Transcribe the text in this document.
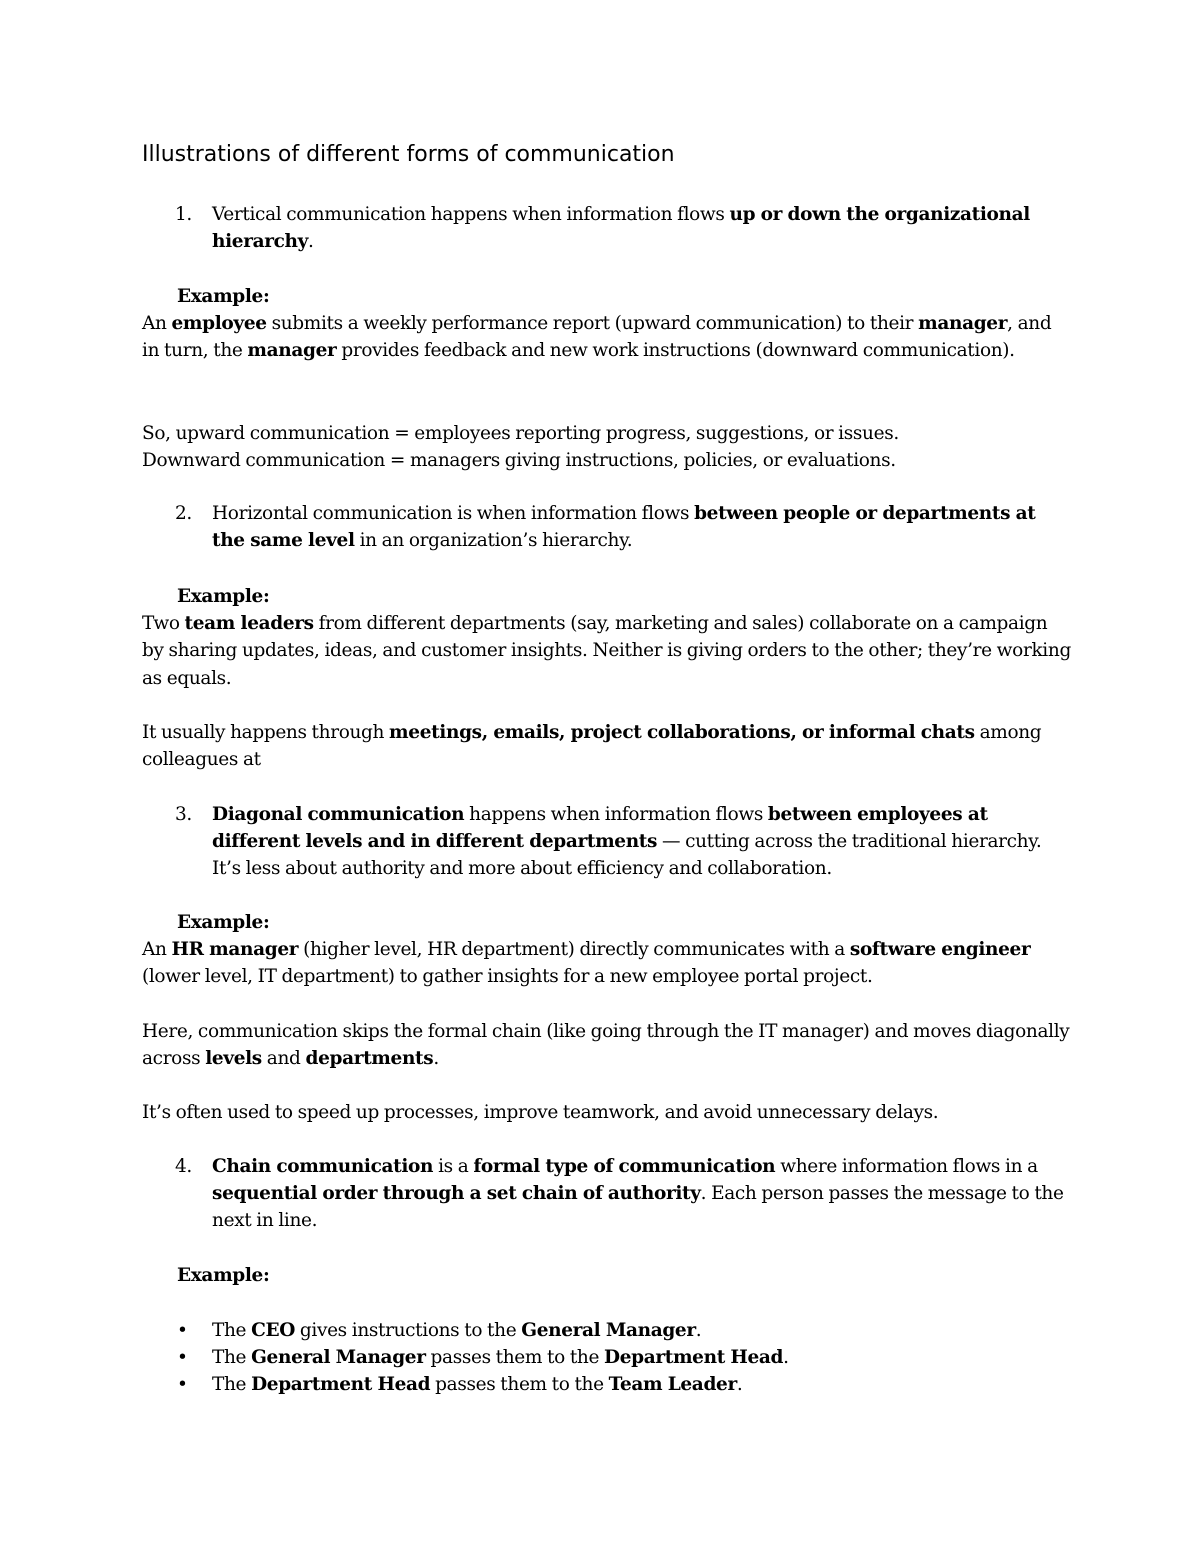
Illustrations of different forms of communication
1. Vertical communication happens when information flows up or down the organizational hierarchy.

Example:

An employee submits a weekly performance report (upward communication) to their manager, and in turn, the manager provides feedback and new work instructions (downward communication).

So, upward communication = employees reporting progress, suggestions, or issues.

Downward communication = managers giving instructions, policies, or evaluations.

2. Horizontal communication is when information flows between people or departments at the same level in an organization’s hierarchy.

Example:

Two team leaders from different departments (say, marketing and sales) collaborate on a campaign by sharing updates, ideas, and customer insights. Neither is giving orders to the other; they’re working as equals.

It usually happens through meetings, emails, project collaborations, or informal chats among colleagues at

3. Diagonal communication happens when information flows between employees at different levels and in different departments — cutting across the traditional hierarchy. It’s less about authority and more about efficiency and collaboration.

Example:

An HR manager (higher level, HR department) directly communicates with a software engineer (lower level, IT department) to gather insights for a new employee portal project.

Here, communication skips the formal chain (like going through the IT manager) and moves diagonally across levels and departments.

It’s often used to speed up processes, improve teamwork, and avoid unnecessary delays.

4. Chain communication is a formal type of communication where information flows in a sequential order through a set chain of authority. Each person passes the message to the next in line.

Example:

• The CEO gives instructions to the General Manager.
• The General Manager passes them to the Department Head.
• The Department Head passes them to the Team Leader.
